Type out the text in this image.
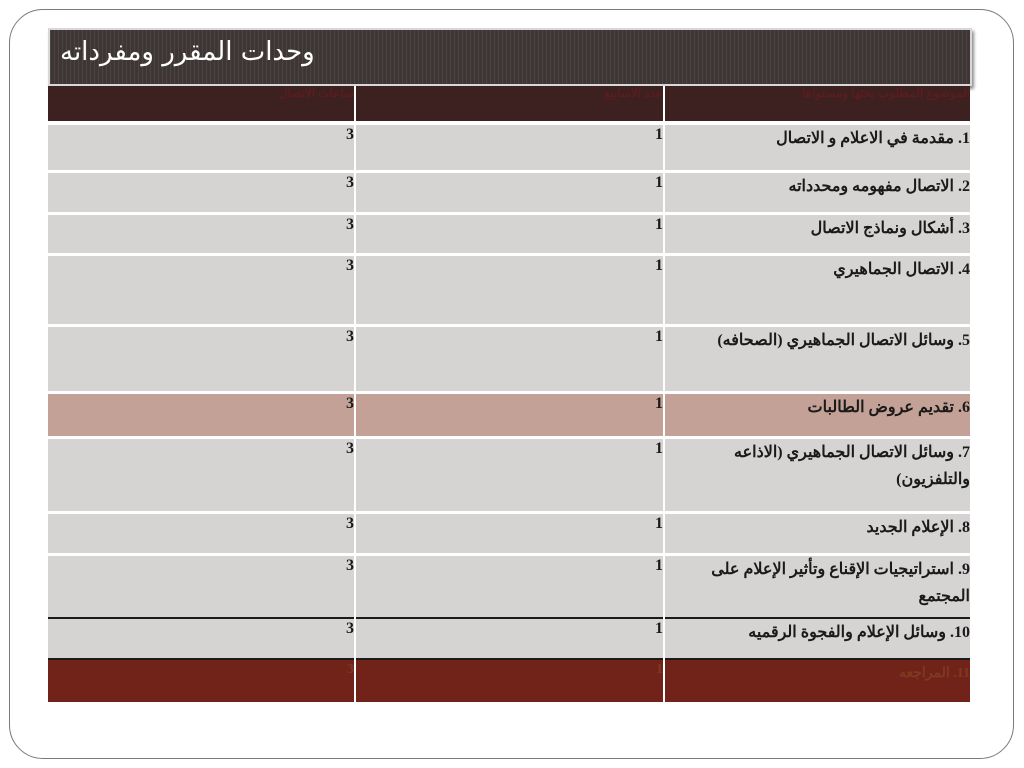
وحدات المقرر ومفرداته
الموضوع المطلوب بحثها ومستواها	عدد الاسابيع	ساعات الاتصال
1. مقدمة في الاعلام و الاتصال	1	3
2. الاتصال مفهومه ومحدداته	1	3
3. أشكال ونماذج الاتصال	1	3
4. الاتصال الجماهيري	1	3
5. وسائل الاتصال الجماهيري (الصحافه)	1	3
6. تقديم عروض الطالبات	1	3
7. وسائل الاتصال الجماهيري (الاذاعه والتلفزيون)	1	3
8. الإعلام الجديد	1	3
9. استراتيجيات الإقناع وتأثير الإعلام على المجتمع	1	3
10. وسائل الإعلام والفجوة الرقميه	1	3
11. المراجعه	1	3
